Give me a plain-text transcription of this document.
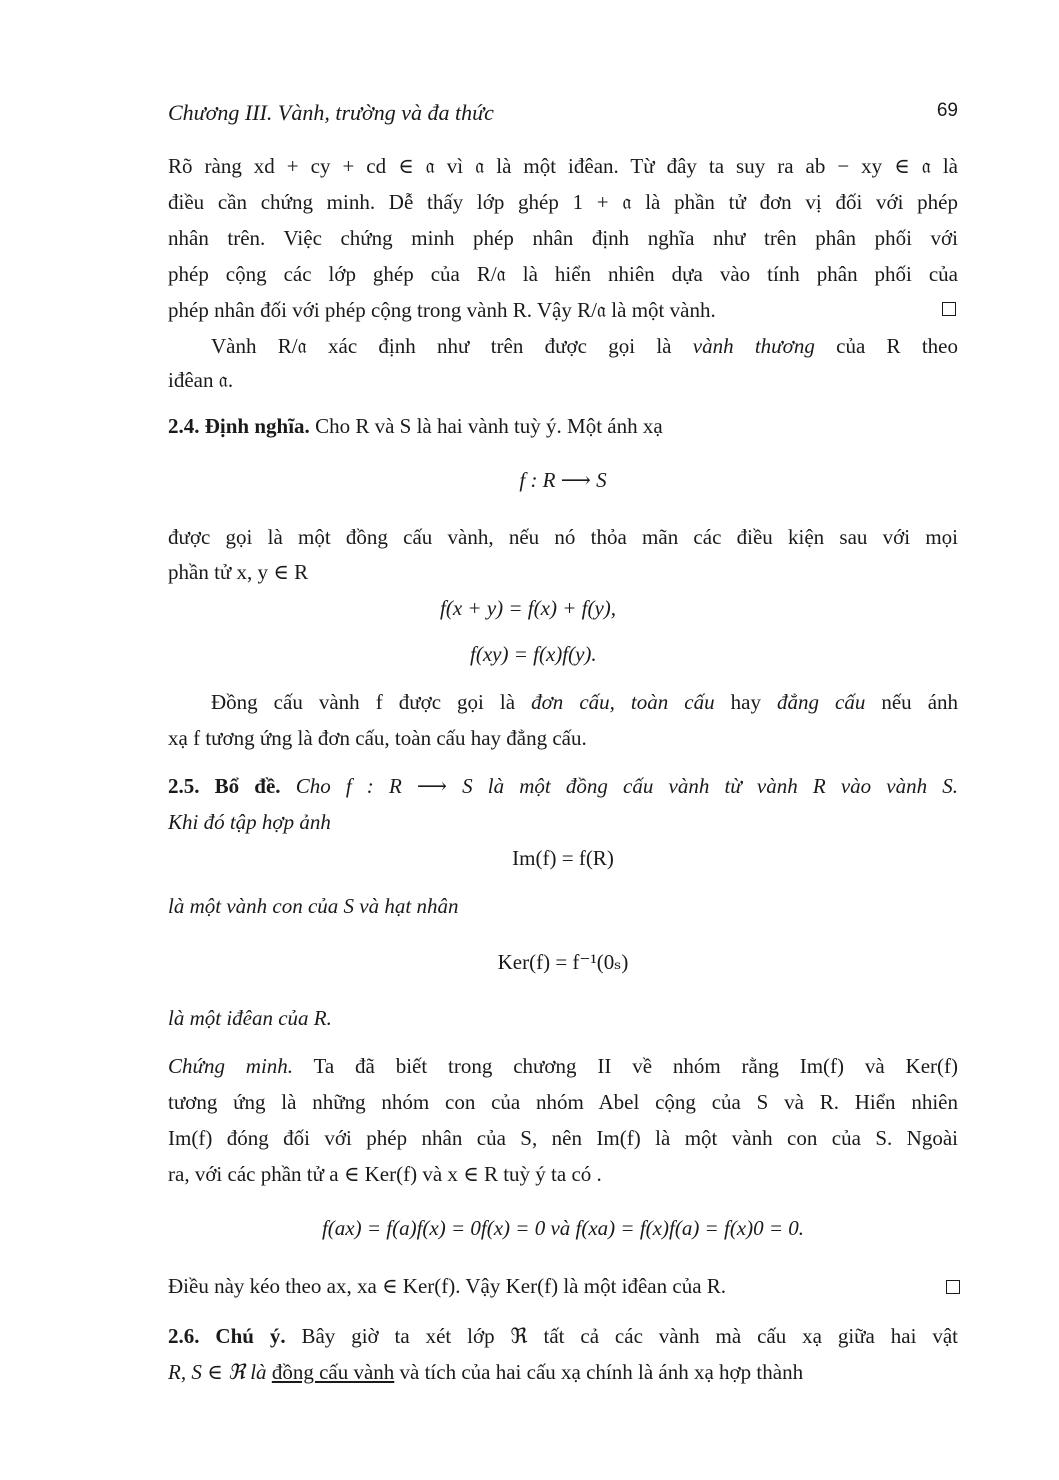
Chương III. Vành, trường và đa thức	69
Rõ ràng xd + cy + cd ∈ 𝔞 vì 𝔞 là một iđêan. Từ đây ta suy ra ab − xy ∈ 𝔞 là
điều cần chứng minh. Dễ thấy lớp ghép 1 + 𝔞 là phần tử đơn vị đối với phép
nhân trên. Việc chứng minh phép nhân định nghĩa như trên phân phối với
phép cộng các lớp ghép của R/𝔞 là hiển nhiên dựa vào tính phân phối của
phép nhân đối với phép cộng trong vành R. Vậy R/𝔞 là một vành.
Vành R/𝔞 xác định như trên được gọi là vành thương của R theo
iđêan 𝔞.
2.4. Định nghĩa. Cho R và S là hai vành tuỳ ý. Một ánh xạ
f : R ⟶ S
được gọi là một đồng cấu vành, nếu nó thỏa mãn các điều kiện sau với mọi
phần tử x, y ∈ R
f(x + y) = f(x) + f(y),
f(xy) = f(x)f(y).
Đồng cấu vành f được gọi là đơn cấu, toàn cấu hay đẳng cấu nếu ánh
xạ f tương ứng là đơn cấu, toàn cấu hay đẳng cấu.
2.5. Bổ đề. Cho f : R ⟶ S là một đồng cấu vành từ vành R vào vành S.
Khi đó tập hợp ảnh
Im(f) = f(R)
là một vành con của S và hạt nhân
Ker(f) = f⁻¹(0ₛ)
là một iđêan của R.
Chứng minh. Ta đã biết trong chương II về nhóm rằng Im(f) và Ker(f)
tương ứng là những nhóm con của nhóm Abel cộng của S và R. Hiển nhiên
Im(f) đóng đối với phép nhân của S, nên Im(f) là một vành con của S. Ngoài
ra, với các phần tử a ∈ Ker(f) và x ∈ R tuỳ ý ta có .
f(ax) = f(a)f(x) = 0f(x) = 0 và f(xa) = f(x)f(a) = f(x)0 = 0.
Điều này kéo theo ax, xa ∈ Ker(f). Vậy Ker(f) là một iđêan của R.
2.6. Chú ý. Bây giờ ta xét lớp ℜ tất cả các vành mà cấu xạ giữa hai vật
R, S ∈ ℜ là đồng cấu vành và tích của hai cấu xạ chính là ánh xạ hợp thành
